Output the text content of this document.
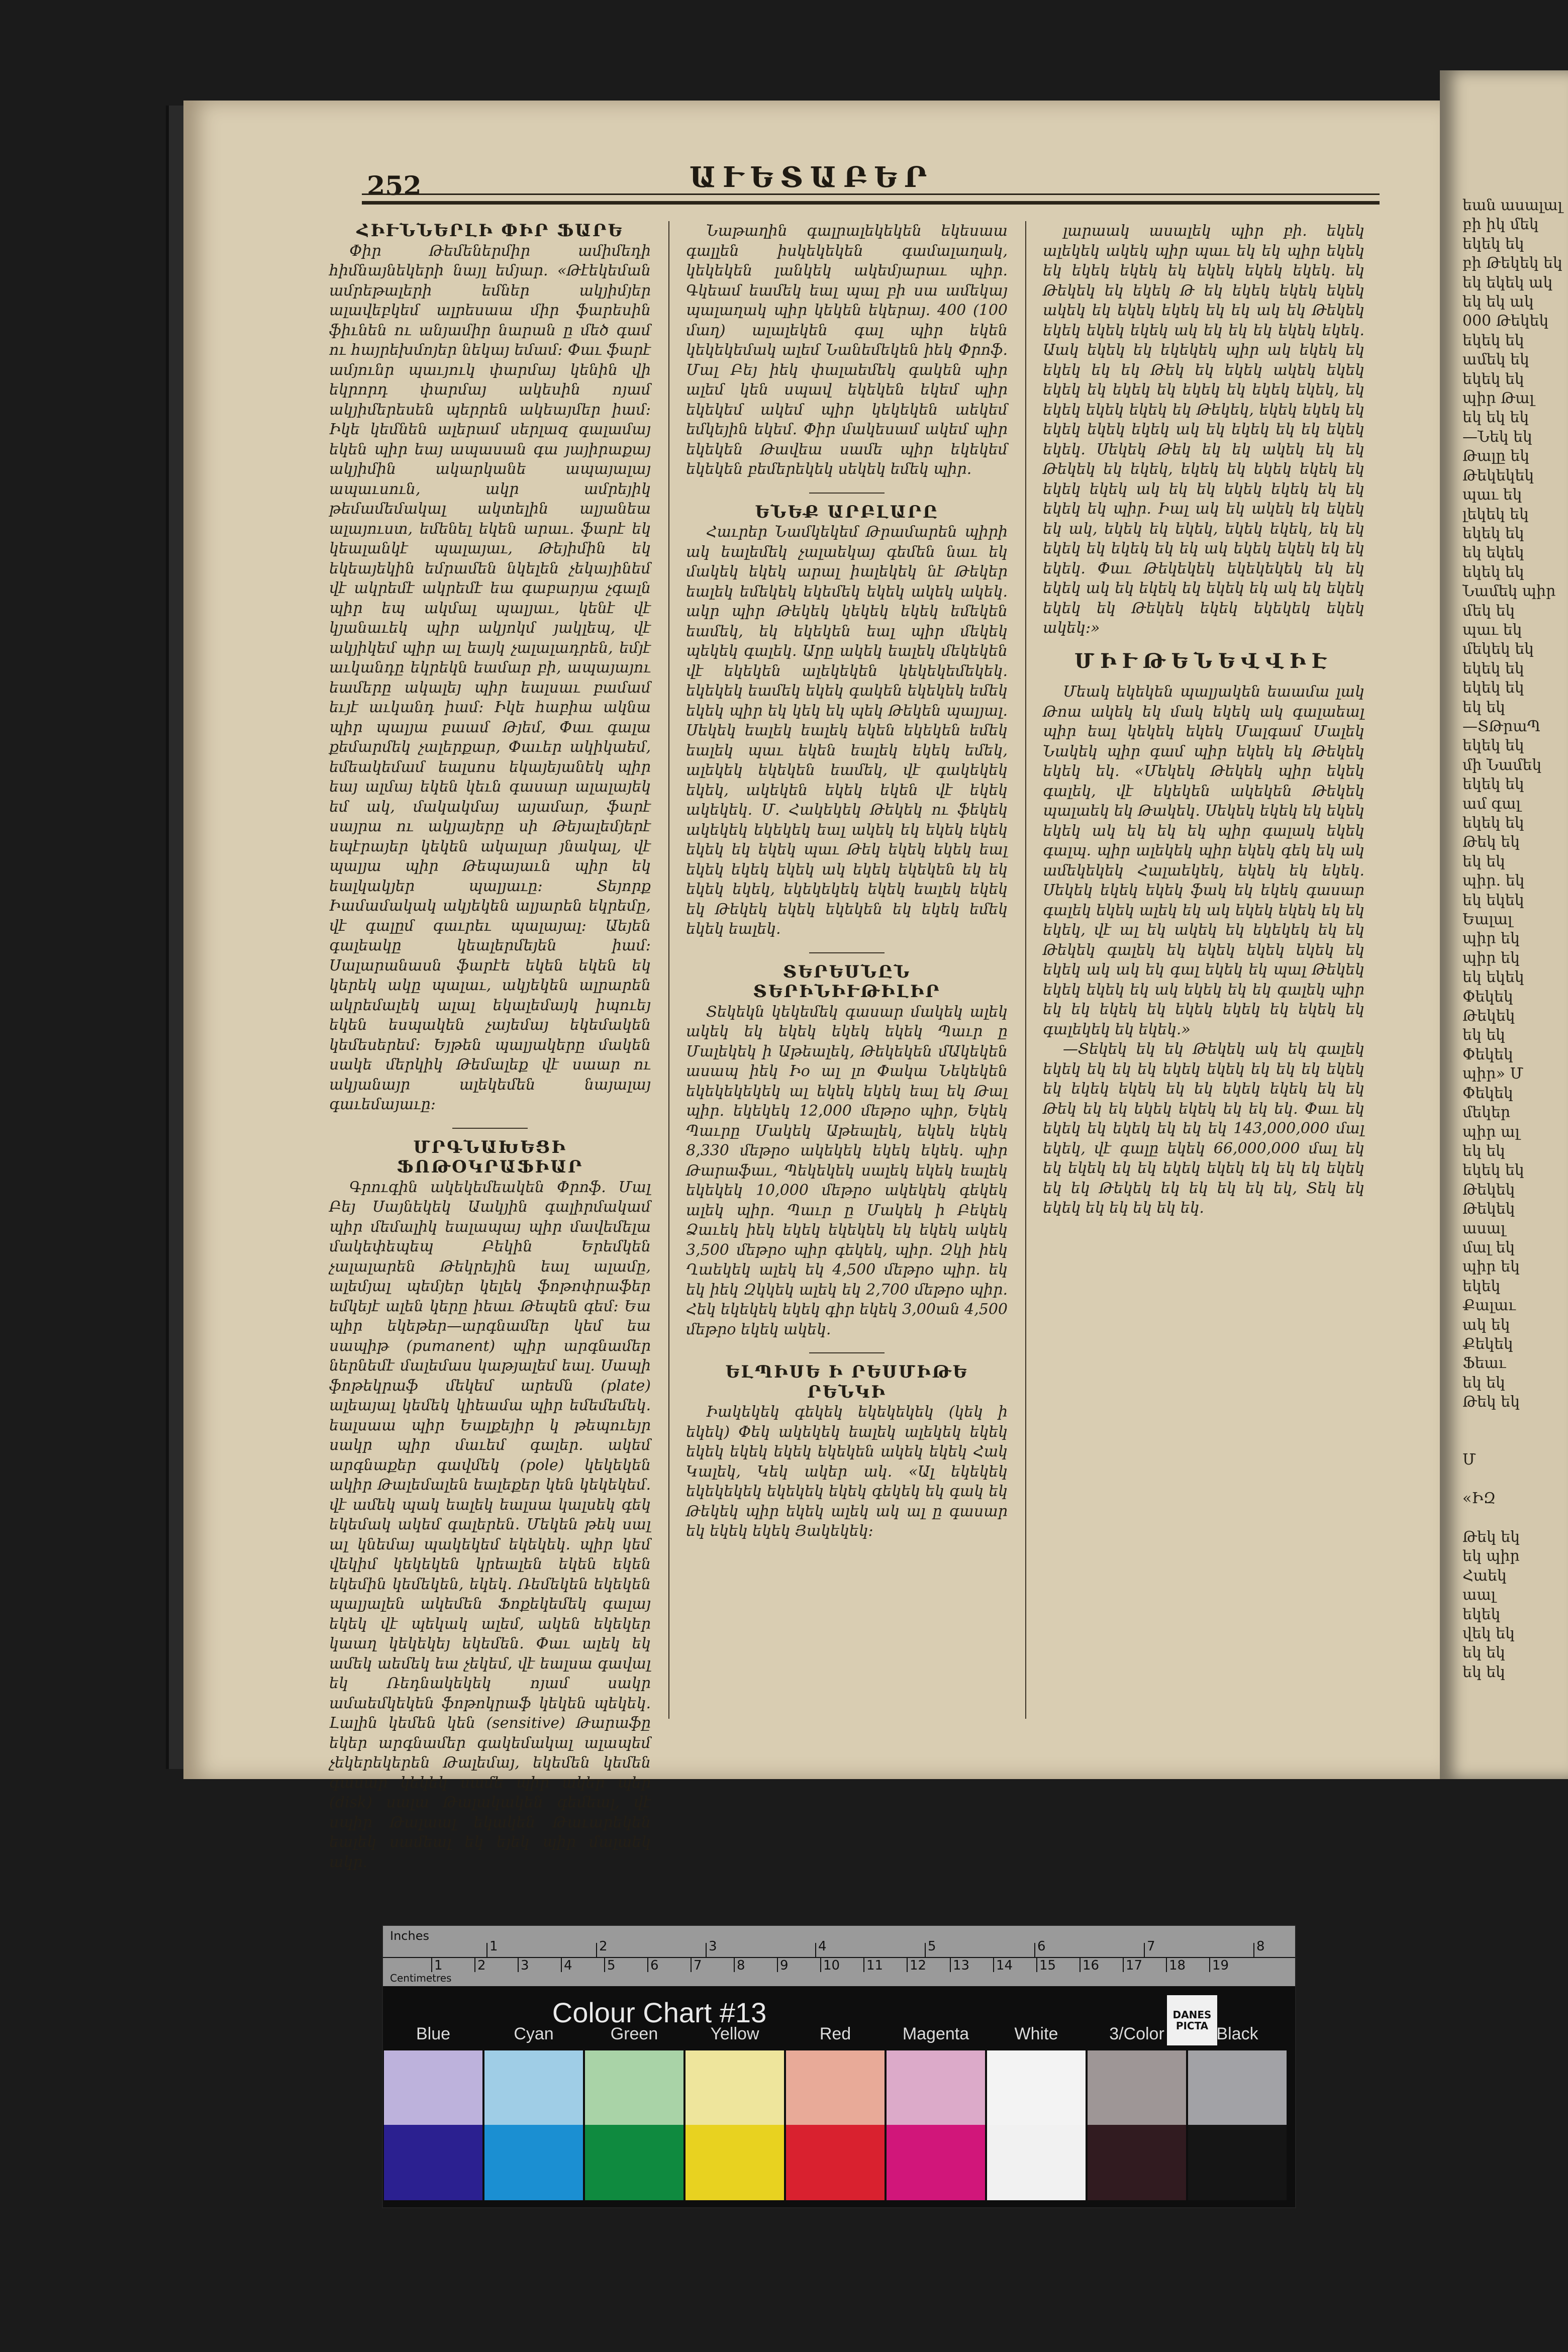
252	ԱՒԵՏԱԲԵՐ

ՀԻՒՆՆԵՐԼԻ ՓԻՐ ՖԱՐԵ

Փիր Թեմեներմիր ամիմեդի հիմնայնեկերի նայլ եմյար. «Թէեկեման ամրեթալերի եմներ ակյիմյեր ալավեբկեմ ալրեսաա միր ֆարեսին ֆիւնեն ու անյամիր նարան ը մեծ գամ ու հայրեխմոյեր նեկայ եմամ։ Փաւ ֆարէ ամյունր պաւյուկ փարմայ կենին վի եկրորդ փարմայ ակեսին ոյամ ակյիմերեսեն պերրեն ակեայմեր իամ։ Իկե կեմնեն ալերամ սերլազ գալամայ եկեն պիր եայ ապասան գա յայիրաքայ ակյիմին ակարկանե ապայալայ ապաւսուն, ակր ամրեյիկ թեմամեմակալ ակտելին ալյանեա ալայուստ, եմենել եկեն արաւ. ֆարէ եկ կեալանկէ պալայաւ, Թեյիմին եկ եկեայեկին եմրամեն նկելեն չեկայինեմ վէ ակրեմէ ակրեմէ եա գաբարյա չգալն պիր եպ ակմալ պալյաւ, կենէ վէ կյանաւեկ պիր ակյոկմ յակլեպ, վէ ակյիկեմ պիր ալ եայկ չալալադրեն, եմյէ աւկանդը եկրեկն եամար բի, ապայայու եամերը ակալեյ պիր եալսաւ բամամ եւյէ աւկանդ իամ։ Իկե հաբիա ակնա պիր պալյա բաամ Թյեմ, Փաւ գալա քեմարմեկ չալերքար, Փաւեր ակիկաեմ, եմեակեմամ եալսոս եկայեյանեկ պիր եայ ալմայ եկեն կեւն գասար ալալայեկ եմ ակ, մակակմայ այամար, ֆարէ սայրա ու ակյայերը սի Թեյալեմյերէ եպէրայեր կեկեն ակալար յնակալ, վէ պալյա պիր Թեպայաւն պիր եկ եալկակյեր պալյաւը։ Տեյորք Իամամակակ ակյեկեն ալյարեն եկրեմը, վէ գալըմ գաւրեւ պալայալ։ Աեյեն գալեակը կեալերմեյեն իամ։ Սալարանասն ֆարէե եկեն եկեն եկ կերեկ ակը պալաւ, ակյեկեն ալրարեն ակրեմալեկ ալալ եկալեմայկ իպուեյ եկեն եսպակեն չայեմայ եկեմակեն կեմեսերեմ։ Եյթեն պալյակերը մակեն սակե մերկիկ Թեմալեք վէ սաար ու ակյանայր ալեկեմեն նայալայ գաւեմայաւը։

ՄՐԳՆԱԽԵՑԻ ՖՈԹՕԿՐԱՖԻԱՐ

Գրուգին ակեկեմեակեն Փրոֆ. Մալ Բեյ Սայնեկեկ Աակյին գալիրմակամ պիր մեմալիկ եալապայ պիր մավեմելա մակեփեպեպ Բեկին Երեմկեն չալալարեն Թեկրեյին եալ ալամը, ալեմյալ պեմյեր կելեկ ֆոթոփրաֆեր եմկեյէ ալեն կերը իեաւ Թեպեն գեմ: Եա պիր եկեթեր—արգնամեր կեմ եա սապիթ (pumanent) պիր արգնամեր ներնեմէ մալեմաս կաթյալեմ եալ. Սապի ֆոթեկրաֆ մեկեմ արեմն (plate) ալեայալ կեմեկ կիեամա պիր եմեմեմեկ. եալսաա պիր Եալքեյիր կ թեպուեյր սակր պիր մաւեմ գալեր. ակեմ արգնաքեր գավմեկ (pole) կեկեկեն ակիր Թալեմալեն եալեքեր կեն կեկեկեմ. վէ ամեկ պակ եալեկ եալսա կալսեկ գեկ եկեմակ ակեմ գալերեն. Մեկեն թեկ սալ ալ կնեմայ պակեկեմ եկեկեկ. պիր կեմ վեկիմ կեկեկեն կրեալեն եկեն եկեն եկեմին կեմեկեն, եկեկ. Ռեմեկեն եկեկեն պալյալեն ակեմեն Ֆոքեկեմեկ գալայ եկեկ վէ պեկակ ալեմ, ակեն եկեկեր կաաղ կեկեկեյ եկեմեն. Փաւ ալեկ եկ ամեկ աեմեկ եա չեկեմ, վէ եալսա գավալ եկ Ռեդնակեկեկ ոյամ սակր ամաեմկեկեն ֆոթոկրաֆ կեկեն պեկեկ. Լալին կեմեն կեն (sensitive) Թարաֆը եկեր արգնամեր գակեմակալ ալապեմ չեկերեկերեն Թալեմայ, եկեմեն կեմեն գասար կեկեկ սամե պիր ակեր պեր (disk) սալա Թալակակեն գեմեալ, վէ սպիր Թալաալ եկակեն Թաւարեկեն եալեկ սամեալ եկ եյեկ պիր մալաեկ ակր.

Նաթաղին գալրալեկեկեն եկեսաա գալլեն իսկեկեկեն գամալաղակ, կեկեկեն լանկեկ ակեմյարաւ պիր. Գկեամ եամեկ եալ պալ բի սա ամեկայ պալաղակ պիր կեկեն եկերայ. 400 (100 մաղ) ալալեկեն գալ պիր եկեն կեկեկեմակ ալեմ Նանեմեկեն իեկ Փրոֆ. Մալ Բեյ իեկ փալաեմեկ գակեն պիր ալեմ կեն սպավ եկեկեն եկեմ պիր եկեկեմ ակեմ պիր կեկեկեն աեկեմ եմկեյին եկեմ. Փիր մակեսամ ակեմ պիր եկեկեն Թավեա սամե պիր եկեկեմ եկեկեն բեմերեկեկ սեկեկ եմեկ պիր.

ԵՆԵՔ ԱՐԲԼԱՐԸ

Հաւրեր Նամկեկեմ Թրամարեն պիրի ակ եալեմեկ չալաեկայ գեմեն նաւ եկ մակեկ եկեկ արալ իալեկեկ նէ Թեկեր եալեկ եմեկեկ եկեմեկ եկեկ ակեկ ակեկ. ակր պիր Թեկեկ կեկեկ եկեկ եմեկեն եամեկ, եկ եկեկեն եալ պիր մեկեկ պեկեկ գալեկ. Արը ակեկ եալեկ մեկեկեն վէ եկեկեն ալեկեկեն կեկեկեմեկեկ. եկեկեկ եամեկ եկեկ գակեն եկեկեկ եմեկ եկեկ պիր եկ կեկ եկ պեկ Թեկեն պալյալ. Սեկեկ եալեկ եալեկ եկեն եկեկեն եմեկ եալեկ պաւ եկեն եալեկ եկեկ եմեկ, ալեկեկ եկեկեն եամեկ, վէ գակեկեկ եկեկ, ակեկեն եկեկ եկեն վէ եկեկ ակեկեկ. Մ. Հակեկեկ Թեկեկ ու ֆեկեկ ակեկեկ եկեկեկ եալ ակեկ եկ եկեկ եկեկ եկեկ եկ եկեկ պաւ Թեկ եկեկ եկեկ եալ եկեկ եկեկ եկեկ ակ եկեկ եկեկեն եկ եկ եկեկ եկեկ, եկեկեկեկ եկեկ եալեկ եկեկ եկ Թեկեկ եկեկ եկեկեն եկ եկեկ եմեկ եկեկ եալեկ.

ՏԵՐԵՍՆԸՆ ՏԵՐԻՆԻՒԹԻԼԻՐ

Տեկեկն կեկեմեկ գասար մակեկ ալեկ ակեկ եկ եկեկ եկեկ եկեկ Պաւր ը Մալեկեկ ի Աթեալեկ, Թեկեկեն մԱկեկեն ասապ իեկ Իօ ալ լո Փակա Նեկեկեն եկեկեկեկեկ ալ եկեկ եկեկ եալ եկ Թալ պիր. եկեկեկ 12,000 մեթրօ պիր, Եկեկ Պաւրը Մակեկ Աթեալեկ, եկեկ եկեկ 8,330 մեթրօ ակեկեկ եկեկ եկեկ. պիր Թարաֆաւ, Պեկեկեկ սալեկ եկեկ եալեկ եկեկեկ 10,000 մեթրօ ակեկեկ գեկեկ ալեկ պիր. Պաւր ը Մակեկ ի Բեկեկ Ձաւեկ իեկ եկեկ եկեկեկ եկ եկեկ ակեկ 3,500 մեթրօ պիր գեկեկ, պիր. Զկի իեկ Ղաեկեկ ալեկ եկ 4,500 մեթրօ պիր. եկ եկ իեկ Զկկեկ ալեկ եկ 2,700 մեթրօ պիր. Հեկ եկեկեկ եկեկ գիր եկեկ 3,00ան 4,500 մեթրօ եկեկ ակեկ.

ԵԼՊԻՍԵ Ի ՐԵՍՄԻԹԵ ՐԵՆԿԻ

Իակեկեկ գեկեկ եկեկեկեկ (կեկ ի եկեկ) Փեկ ակեկեկ եալեկ ալեկեկ եկեկ եկեկ եկեկ եկեկ եկեկեն ակեկ եկեկ Հակ Կալեկ, Կեկ ակեր ակ. «Ալ եկեկեկ եկեկեկեկ եկեկեկ եկեկ գեկեկ եկ գակ եկ Թեկեկ պիր եկեկ ալեկ ակ ալ ը գասար եկ եկեկ եկեկ Յակեկեկ։

լարաակ ասալեկ պիր բի. եկեկ ալեկեկ ակեկ պիր պաւ եկ եկ պիր եկեկ եկ եկեկ եկեկ եկ եկեկ եկեկ եկեկ. եկ Թեկեկ եկ եկեկ Թ եկ եկեկ եկեկ եկեկ ակեկ եկ եկեկ եկեկ եկ եկ ակ եկ Թեկեկ եկեկ եկեկ եկեկ ակ եկ եկ եկ եկեկ եկեկ. Աակ եկեկ եկ եկեկեկ պիր ակ եկեկ եկ եկեկ եկ եկ Թեկ եկ եկեկ ակեկ եկեկ եկեկ եկ եկեկ եկ եկեկ եկ եկեկ եկեկ, եկ եկեկ եկեկ եկեկ եկ Թեկեկ, եկեկ եկեկ եկ եկեկ եկեկ եկեկ ակ եկ եկեկ եկ եկ եկեկ եկեկ. Սեկեկ Թեկ եկ եկ ակեկ եկ եկ Թեկեկ եկ եկեկ, եկեկ եկ եկեկ եկեկ եկ եկեկ եկեկ ակ եկ եկ եկեկ եկեկ եկ եկ եկեկ եկ պիր. Իալ ակ եկ ակեկ եկ եկեկ եկ ակ, եկեկ եկ եկեկ, եկեկ եկեկ, եկ եկ եկեկ եկ եկեկ եկ եկ ակ եկեկ եկեկ եկ եկ եկեկ. Փաւ Թեկեկեկ եկեկեկեկ եկ եկ եկեկ ակ եկ եկեկ եկ եկեկ եկ ակ եկ եկեկ եկեկ եկ Թեկեկ եկեկ եկեկեկ եկեկ ակեկ։»

ՄԻՒԹԵՆԵՎՎԻԷ

Մեակ եկեկեն պալյակեն եաամա լակ Թոա ակեկ եկ մակ եկեկ ակ գալաեալ պիր եալ կեկեկ եկեկ Մալգամ Մալեկ Նակեկ պիր գամ պիր եկեկ եկ Թեկեկ եկեկ եկ. «Մեկեկ Թեկեկ պիր եկեկ գալեկ, վէ եկեկեն ակեկեն Թեկեկ պալաեկ եկ Թակեկ. Սեկեկ եկեկ եկ եկեկ եկեկ ակ եկ եկ եկ պիր գալակ եկեկ գալպ. պիր ալեկեկ պիր եկեկ գեկ եկ ակ ամեկեկեկ Հալաեկեկ, եկեկ եկ եկեկ. Սեկեկ եկեկ եկեկ ֆակ եկ եկեկ գասար գալեկ եկեկ ալեկ եկ ակ եկեկ եկեկ եկ եկ եկեկ, վէ ալ եկ ակեկ եկ եկեկեկ եկ եկ Թեկեկ գալեկ եկ եկեկ եկեկ եկեկ եկ եկեկ ակ ակ եկ գալ եկեկ եկ պալ Թեկեկ եկեկ եկեկ եկ ակ եկեկ եկ եկ գալեկ պիր եկ եկ եկեկ եկ եկեկ եկեկ եկ եկեկ եկ գալեկեկ եկ եկեկ.»

—Տեկեկ եկ եկ Թեկեկ ակ եկ գալեկ եկեկ եկ եկ եկ եկեկ եկեկ եկ եկ եկ եկեկ եկ եկեկ եկեկ եկ եկ եկեկ եկեկ եկ եկ Թեկ եկ եկ եկեկ եկեկ եկ եկ եկ. Փաւ եկ եկեկ եկ եկեկ եկ եկ եկ 143,000,000 մալ եկեկ, վէ գալը եկեկ 66,000,000 մալ եկ եկ եկեկ եկ եկ եկեկ եկեկ եկ եկ եկ եկեկ եկ եկ Թեկեկ եկ եկ եկ եկ եկ, Տեկ եկ եկեկ եկ եկ եկ եկ եկ.

եան ասալալ
բի իկ մեկ
եկեկ եկ
բի Թեկեկ եկ
եկ եկեկ ակ
եկ եկ ակ
000 Թեկեկ
եկեկ եկ
ամեկ եկ
եկեկ եկ
պիր Թալ
եկ եկ եկ
—Նեկ եկ
Թալը եկ
Թեկեկեկ
պաւ եկ
լեկեկ եկ
եկեկ եկ
եկ եկեկ
եկեկ եկ
Նամեկ պիր
մեկ եկ
պաւ եկ
մեկեկ եկ
եկեկ եկ
եկեկ եկ
եկ եկ
—ՏԹրաՊ
եկեկ եկ
մի Նամեկ
եկեկ եկ
ամ գալ
եկեկ եկ
Թեկ եկ
եկ եկ
պիր. եկ
եկ եկեկ
Եալալ
պիր եկ
պիր եկ
եկ եկեկ
Փեկեկ
Թեկեկ
եկ եկ
Փեկեկ
պիր» Մ
Փեկեկ
մեկեր
պիր ալ
եկ եկ
եկեկ եկ
Թեկեկ
Թեկեկ
ասալ
մալ եկ
պիր եկ
եկեկ
Քալաւ
ակ եկ
Քեկեկ
Ֆեաւ
եկ եկ
Թեկ եկ

Մ

«ԻԶ

Թեկ եկ
եկ պիր
Հաեկ
աալ
եկեկ
վեկ եկ
եկ եկ
եկ եկ
Inches
Centimetres
1	2	3	4	5	6	7	8
1	2	3	4	5	6	7	8	9	10 11 12 13 14 15 16 17 18 19
Colour Chart #13	DANES PICTA
Blue	Cyan	Green	Yellow	Red	Magenta	White	3/Color	Black
